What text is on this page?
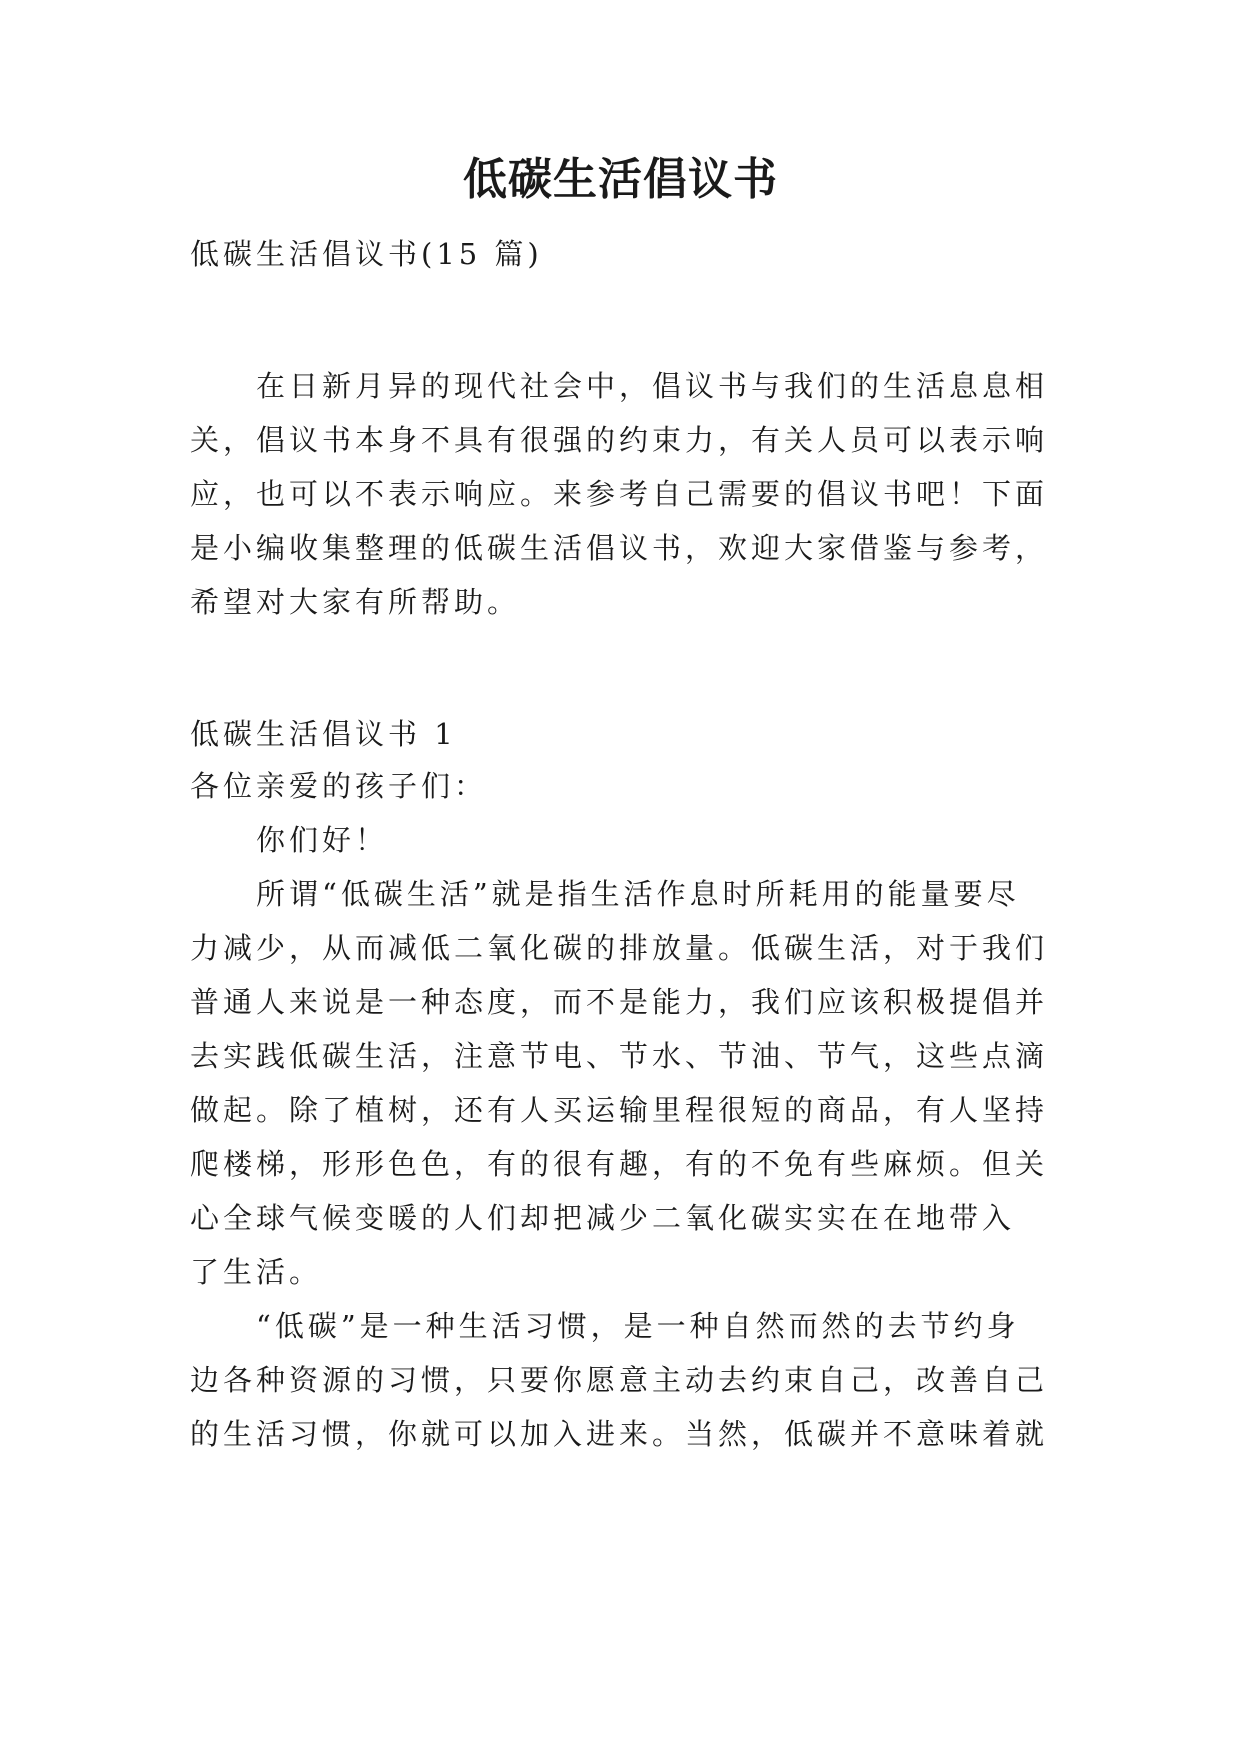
低碳生活倡议书

低碳生活倡议书(15 篇)

在日新月异的现代社会中，倡议书与我们的生活息息相

关，倡议书本身不具有很强的约束力，有关人员可以表示响

应，也可以不表示响应。来参考自己需要的倡议书吧！下面

是小编收集整理的低碳生活倡议书，欢迎大家借鉴与参考，

希望对大家有所帮助。

低碳生活倡议书 1

各位亲爱的孩子们：

你们好！

所谓“低碳生活”就是指生活作息时所耗用的能量要尽

力减少，从而减低二氧化碳的排放量。低碳生活，对于我们

普通人来说是一种态度，而不是能力，我们应该积极提倡并

去实践低碳生活，注意节电、节水、节油、节气，这些点滴

做起。除了植树，还有人买运输里程很短的商品，有人坚持

爬楼梯，形形色色，有的很有趣，有的不免有些麻烦。但关

心全球气候变暖的人们却把减少二氧化碳实实在在地带入

了生活。

“低碳”是一种生活习惯，是一种自然而然的去节约身

边各种资源的习惯，只要你愿意主动去约束自己，改善自己

的生活习惯，你就可以加入进来。当然，低碳并不意味着就
